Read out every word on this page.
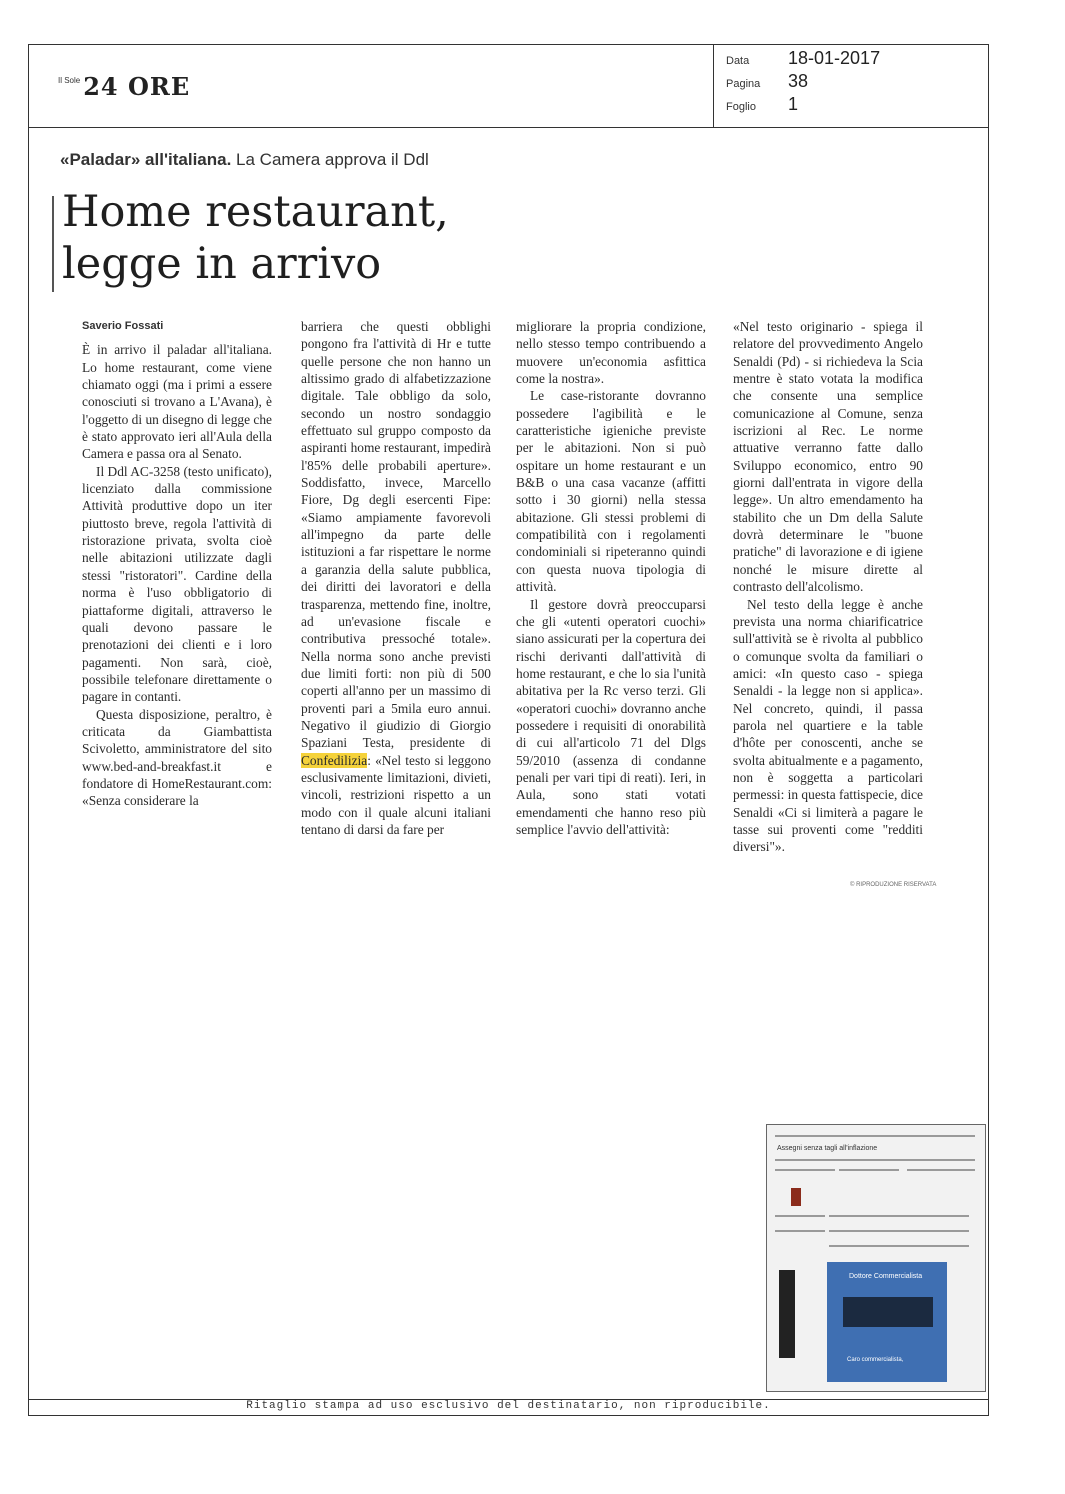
Il Sole 24 ORE
Data	18-01-2017
Pagina	38
Foglio	1
«Paladar» all'italiana. La Camera approva il Ddl
Home restaurant,
legge in arrivo
Saverio Fossati

È in arrivo il paladar all'italiana. Lo home restaurant, come viene chiamato oggi (ma i primi a essere conosciuti si trovano a L'Avana), è l'oggetto di un disegno di legge che è stato approvato ieri all'Aula della Camera e passa ora al Senato.

Il Ddl AC-3258 (testo unificato), licenziato dalla commissione Attività produttive dopo un iter piuttosto breve, regola l'attività di ristorazione privata, svolta cioè nelle abitazioni utilizzate dagli stessi "ristoratori". Cardine della norma è l'uso obbligatorio di piattaforme digitali, attraverso le quali devono passare le prenotazioni dei clienti e i loro pagamenti. Non sarà, cioè, possibile telefonare direttamente o pagare in contanti.

Questa disposizione, peraltro, è criticata da Giambattista Scivoletto, amministratore del sito www.bed-and-breakfast.it e fondatore di HomeRestaurant.com: «Senza considerare la

barriera che questi obblighi pongono fra l'attività di Hr e tutte quelle persone che non hanno un altissimo grado di alfabetizzazione digitale. Tale obbligo da solo, secondo un nostro sondaggio effettuato sul gruppo composto da aspiranti home restaurant, impedirà l'85% delle probabili aperture». Soddisfatto, invece, Marcello Fiore, Dg degli esercenti Fipe: «Siamo ampiamente favorevoli all'impegno da parte delle istituzioni a far rispettare le norme a garanzia della salute pubblica, dei diritti dei lavoratori e della trasparenza, mettendo fine, inoltre, ad un'evasione fiscale e contributiva pressoché totale». Nella norma sono anche previsti due limiti forti: non più di 500 coperti all'anno per un massimo di proventi pari a 5mila euro annui. Negativo il giudizio di Giorgio Spaziani Testa, presidente di Confedilizia: «Nel testo si leggono esclusivamente limitazioni, divieti, vincoli, restrizioni rispetto a un modo con il quale alcuni italiani tentano di darsi da fare per

migliorare la propria condizione, nello stesso tempo contribuendo a muovere un'economia asfittica come la nostra».

Le case-ristorante dovranno possedere l'agibilità e le caratteristiche igieniche previste per le abitazioni. Non si può ospitare un home restaurant e un B&B o una casa vacanze (affitti sotto i 30 giorni) nella stessa abitazione. Gli stessi problemi di compatibilità con i regolamenti condominiali si ripeteranno quindi con questa nuova tipologia di attività.

Il gestore dovrà preoccuparsi che gli «utenti operatori cuochi» siano assicurati per la copertura dei rischi derivanti dall'attività di home restaurant, e che lo sia l'unità abitativa per la Rc verso terzi. Gli «operatori cuochi» dovranno anche possedere i requisiti di onorabilità di cui all'articolo 71 del Dlgs 59/2010 (assenza di condanne penali per vari tipi di reati). Ieri, in Aula, sono stati votati emendamenti che hanno reso più semplice l'avvio dell'attività:

«Nel testo originario - spiega il relatore del provvedimento Angelo Senaldi (Pd) - si richiedeva la Scia mentre è stato votata la modifica che consente una semplice comunicazione al Comune, senza iscrizioni al Rec. Le norme attuative verranno fatte dallo Sviluppo economico, entro 90 giorni dall'entrata in vigore della legge». Un altro emendamento ha stabilito che un Dm della Salute dovrà determinare le "buone pratiche" di lavorazione e di igiene nonché le misure dirette al contrasto dell'alcolismo.

Nel testo della legge è anche prevista una norma chiarificatrice sull'attività se è rivolta al pubblico o comunque svolta da familiari o amici: «In questo caso - spiega Senaldi - la legge non si applica». Nel concreto, quindi, il passa parola nel quartiere e la table d'hôte per conoscenti, anche se svolta abitualmente e a pagamento, non è soggetta a particolari permessi: in questa fattispecie, dice Senaldi «Ci si limiterà a pagare le tasse sui proventi come "redditi diversi"».

© RIPRODUZIONE RISERVATA
Assegni senza tagli all'inflazione
Dottore Commercialista
Caro commercialista,
Ritaglio stampa ad uso esclusivo del destinatario, non riproducibile.
